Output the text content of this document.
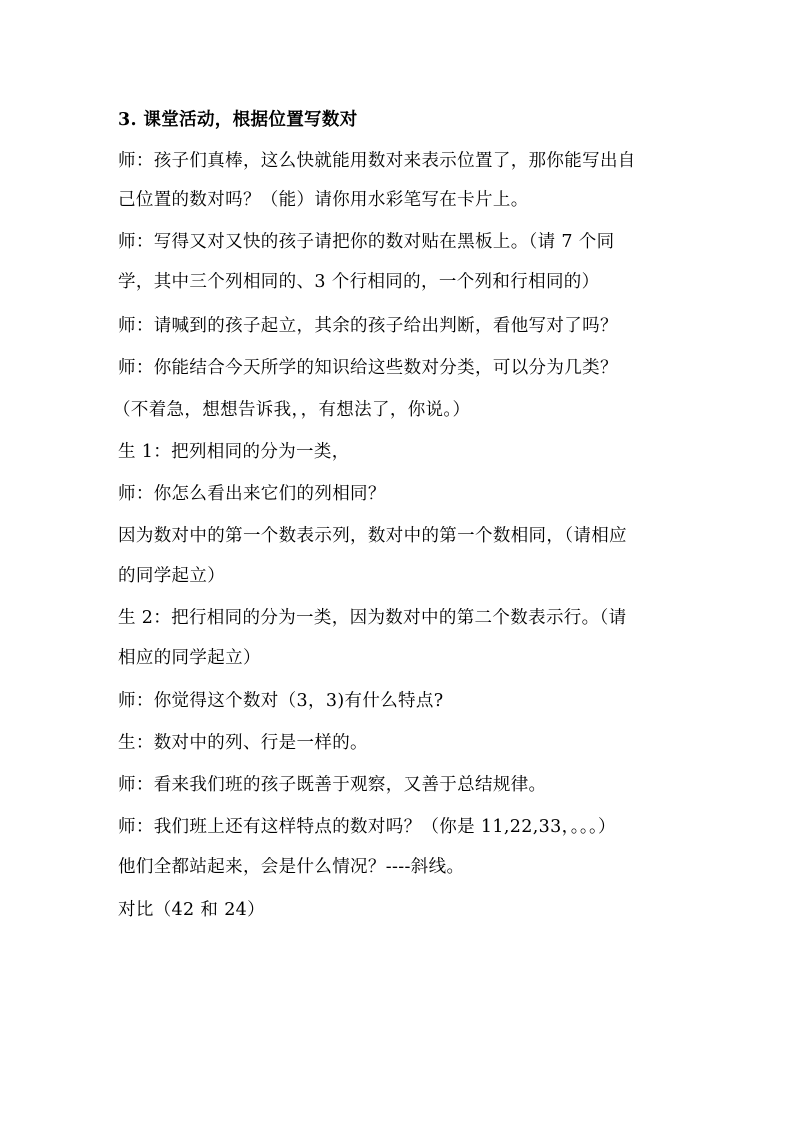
3. 课堂活动，根据位置写数对
师：孩子们真棒，这么快就能用数对来表示位置了，那你能写出自
己位置的数对吗？（能）请你用水彩笔写在卡片上。
师：写得又对又快的孩子请把你的数对贴在黑板上。（请 7 个同
学，其中三个列相同的、3 个行相同的，一个列和行相同的）
师：请喊到的孩子起立，其余的孩子给出判断，看他写对了吗？
师：你能结合今天所学的知识给这些数对分类，可以分为几类？
（不着急，想想告诉我，，有想法了，你说。）
生 1：把列相同的分为一类，
师：你怎么看出来它们的列相同？
因为数对中的第一个数表示列，数对中的第一个数相同，（请相应
的同学起立）
生 2：把行相同的分为一类，因为数对中的第二个数表示行。（请
相应的同学起立）
师：你觉得这个数对（3，3)有什么特点?
生：数对中的列、行是一样的。
师：看来我们班的孩子既善于观察，又善于总结规律。
师：我们班上还有这样特点的数对吗？（你是 11,22,33，。。。）
他们全都站起来，会是什么情况？----斜线。
对比（42 和 24）
